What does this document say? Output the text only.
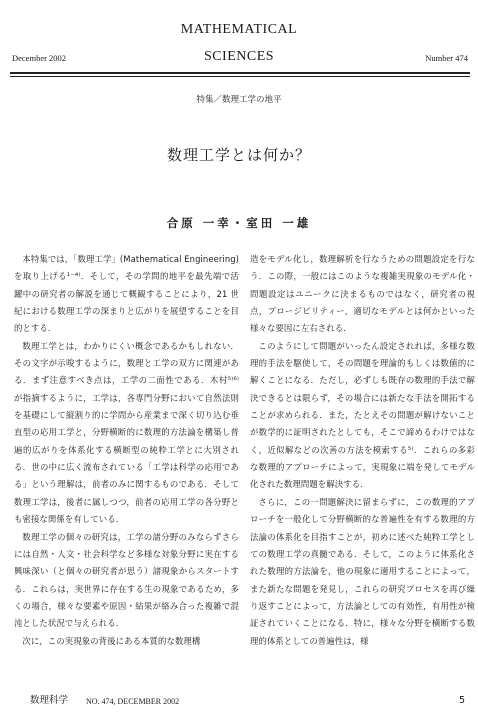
MATHEMATICAL
December 2002	SCIENCES	Number 474
特集／数理工学の地平
数理工学とは何か？
合原 一幸・室田 一雄

本特集では，「数理工学」(Mathematical Engineering) を取り上げる¹⁻⁴⁾．そして，その学問的地平を最先端で活躍中の研究者の解説を通じて概観することにより，21 世紀における数理工学の深まりと広がりを展望することを目的とする．

数理工学とは，わかりにくい概念であるかもしれない．その文字が示唆するように，数理と工学の双方に関連がある．まず注意すべき点は，工学の二面性である．木村⁵⁾⁶⁾ が指摘するように，工学は，各専門分野において自然法則を基礎にして縦割り的に学問から産業まで深く切り込む垂直型の応用工学と，分野横断的に数理的方法論を構築し普遍的広がりを体系化する横断型の純粋工学とに大別される．世の中に広く流布されている「工学は科学の応用である」という理解は，前者のみに関するものである．そして数理工学は，後者に属しつつ，前者の応用工学の各分野とも密接な関係を有している．

数理工学の個々の研究は，工学の諸分野のみならずさらには自然・人文・社会科学など多様な対象分野に実在する興味深い（と個々の研究者が思う）諸現象からスタートする．これらは，実世界に存在する生の現象であるため，多くの場合，様々な要素や原因・結果が絡み合った複雑で混沌とした状況で与えられる．

次に，この実現象の背後にある本質的な数理構

造をモデル化し，数理解析を行なうための問題設定を行なう．この際，一般にはこのような複雑実現象のモデル化・問題設定はユニークに決まるものではなく，研究者の視点，プロージビリティー，適切なモデルとは何かといった様々な要因に左右される．

このようにして問題がいったん設定されれば，多様な数理的手法を駆使して，その問題を理論的もしくは数値的に解くことになる．ただし，必ずしも既存の数理的手法で解決できるとは限らず，その場合には新たな手法を開拓することが求められる．また，たとえその問題が解けないことが数学的に証明されたとしても，そこで諦めるわけではなく，近似解などの次善の方法を模索する⁵⁾．これらの多彩な数理的アプローチによって，実現象に端を発してモデル化された数理問題を解決する．

さらに，この一問題解決に留まらずに，この数理的アプローチを一般化して分野横断的な普遍性を有する数理的方法論の体系化を目指すことが，初めに述べた純粋工学としての数理工学の真髄である．そして，このように体系化された数理的方法論を，他の現象に適用することによって，また新たな問題を発見し，これらの研究プロセスを再び繰り返すことによって，方法論としての有効性，有用性が検証されていくことになる．特に，様々な分野を横断する数理的体系としての普遍性は，様

数理科学 NO. 474, DECEMBER 2002	5
